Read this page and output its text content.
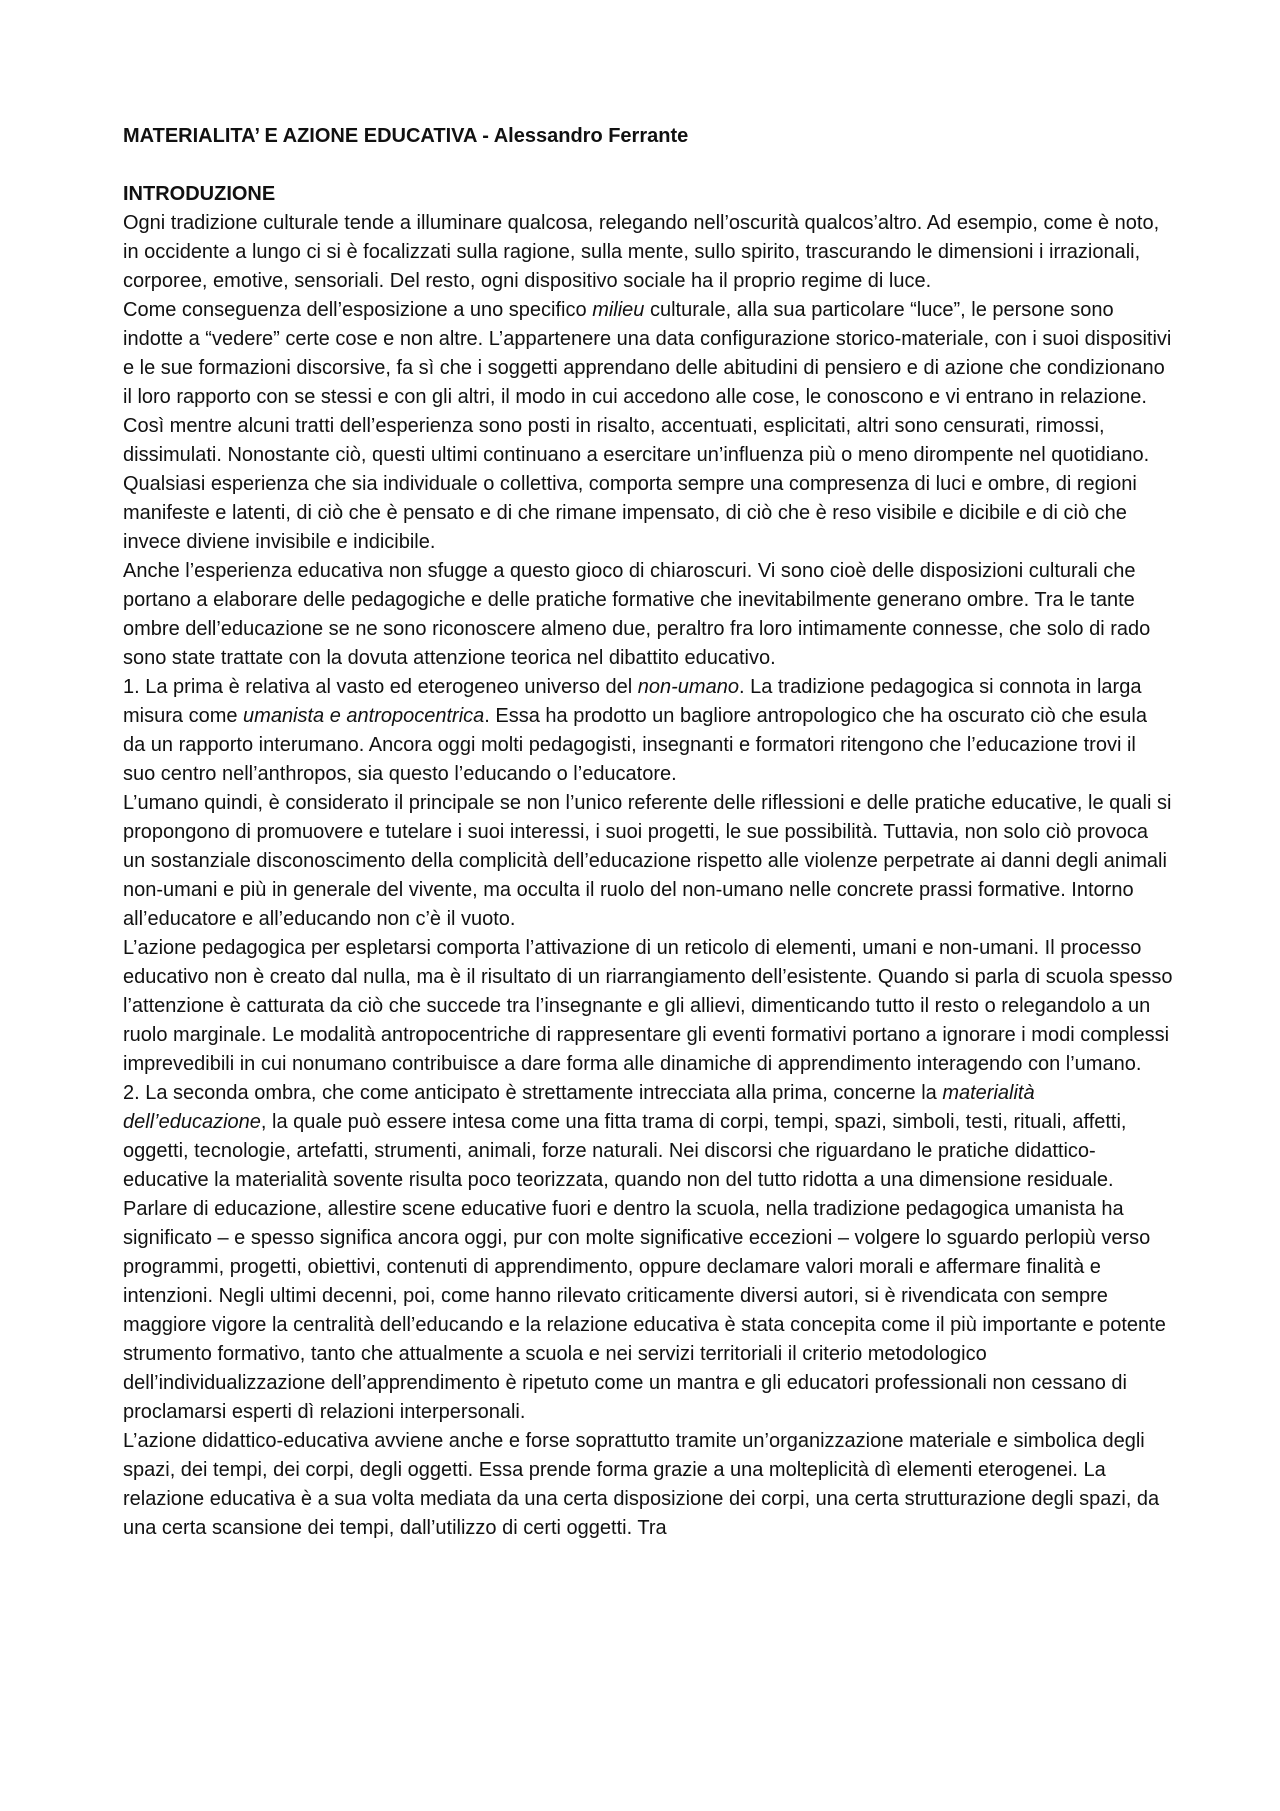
MATERIALITA’ E AZIONE EDUCATIVA - Alessandro Ferrante
INTRODUZIONE

Ogni tradizione culturale tende a illuminare qualcosa, relegando nell’oscurità qualcos’altro. Ad esempio, come è noto, in occidente a lungo ci si è focalizzati sulla ragione, sulla mente, sullo spirito, trascurando le dimensioni i irrazionali, corporee, emotive, sensoriali. Del resto, ogni dispositivo sociale ha il proprio regime di luce.

Come conseguenza dell’esposizione a uno specifico milieu culturale, alla sua particolare “luce”, le persone sono indotte a “vedere” certe cose e non altre. L’appartenere una data configurazione storico-materiale, con i suoi dispositivi e le sue formazioni discorsive, fa sì che i soggetti apprendano delle abitudini di pensiero e di azione che condizionano il loro rapporto con se stessi e con gli altri, il modo in cui accedono alle cose, le conoscono e vi entrano in relazione. Così mentre alcuni tratti dell’esperienza sono posti in risalto, accentuati, esplicitati, altri sono censurati, rimossi, dissimulati. Nonostante ciò, questi ultimi continuano a esercitare un’influenza più o meno dirompente nel quotidiano. Qualsiasi esperienza che sia individuale o collettiva, comporta sempre una compresenza di luci e ombre, di regioni manifeste e latenti, di ciò che è pensato e di che rimane impensato, di ciò che è reso visibile e dicibile e di ciò che invece diviene invisibile e indicibile.

Anche l’esperienza educativa non sfugge a questo gioco di chiaroscuri. Vi sono cioè delle disposizioni culturali che portano a elaborare delle pedagogiche e delle pratiche formative che inevitabilmente generano ombre. Tra le tante ombre dell’educazione se ne sono riconoscere almeno due, peraltro fra loro intimamente connesse, che solo di rado sono state trattate con la dovuta attenzione teorica nel dibattito educativo.

1. La prima è relativa al vasto ed eterogeneo universo del non-umano. La tradizione pedagogica si connota in larga misura come umanista e antropocentrica. Essa ha prodotto un bagliore antropologico che ha oscurato ciò che esula da un rapporto interumano. Ancora oggi molti pedagogisti, insegnanti e formatori ritengono che l’educazione trovi il suo centro nell’anthropos, sia questo l’educando o l’educatore.

L’umano quindi, è considerato il principale se non l’unico referente delle riflessioni e delle pratiche educative, le quali si propongono di promuovere e tutelare i suoi interessi, i suoi progetti, le sue possibilità. Tuttavia, non solo ciò provoca un sostanziale disconoscimento della complicità dell’educazione rispetto alle violenze perpetrate ai danni degli animali non-umani e più in generale del vivente, ma occulta il ruolo del non-umano nelle concrete prassi formative. Intorno all’educatore e all’educando non c’è il vuoto.

L’azione pedagogica per espletarsi comporta l’attivazione di un reticolo di elementi, umani e non-umani. Il processo educativo non è creato dal nulla, ma è il risultato di un riarrangiamento dell’esistente. Quando si parla di scuola spesso l’attenzione è catturata da ciò che succede tra l’insegnante e gli allievi, dimenticando tutto il resto o relegandolo a un ruolo marginale. Le modalità antropocentriche di rappresentare gli eventi formativi portano a ignorare i modi complessi imprevedibili in cui nonumano contribuisce a dare forma alle dinamiche di apprendimento interagendo con l’umano.

2. La seconda ombra, che come anticipato è strettamente intrecciata alla prima, concerne la materialità dell’educazione, la quale può essere intesa come una fitta trama di corpi, tempi, spazi, simboli, testi, rituali, affetti, oggetti, tecnologie, artefatti, strumenti, animali, forze naturali. Nei discorsi che riguardano le pratiche didattico-educative la materialità sovente risulta poco teorizzata, quando non del tutto ridotta a una dimensione residuale.

Parlare di educazione, allestire scene educative fuori e dentro la scuola, nella tradizione pedagogica umanista ha significato – e spesso significa ancora oggi, pur con molte significative eccezioni – volgere lo sguardo perlopiù verso programmi, progetti, obiettivi, contenuti di apprendimento, oppure declamare valori morali e affermare finalità e intenzioni. Negli ultimi decenni, poi, come hanno rilevato criticamente diversi autori, si è rivendicata con sempre maggiore vigore la centralità dell’educando e la relazione educativa è stata concepita come il più importante e potente strumento formativo, tanto che attualmente a scuola e nei servizi territoriali il criterio metodologico dell’individualizzazione dell’apprendimento è ripetuto come un mantra e gli educatori professionali non cessano di proclamarsi esperti dì relazioni interpersonali.

L’azione didattico-educativa avviene anche e forse soprattutto tramite un’organizzazione materiale e simbolica degli spazi, dei tempi, dei corpi, degli oggetti. Essa prende forma grazie a una molteplicità dì elementi eterogenei. La relazione educativa è a sua volta mediata da una certa disposizione dei corpi, una certa strutturazione degli spazi, da una certa scansione dei tempi, dall’utilizzo di certi oggetti. Tra
